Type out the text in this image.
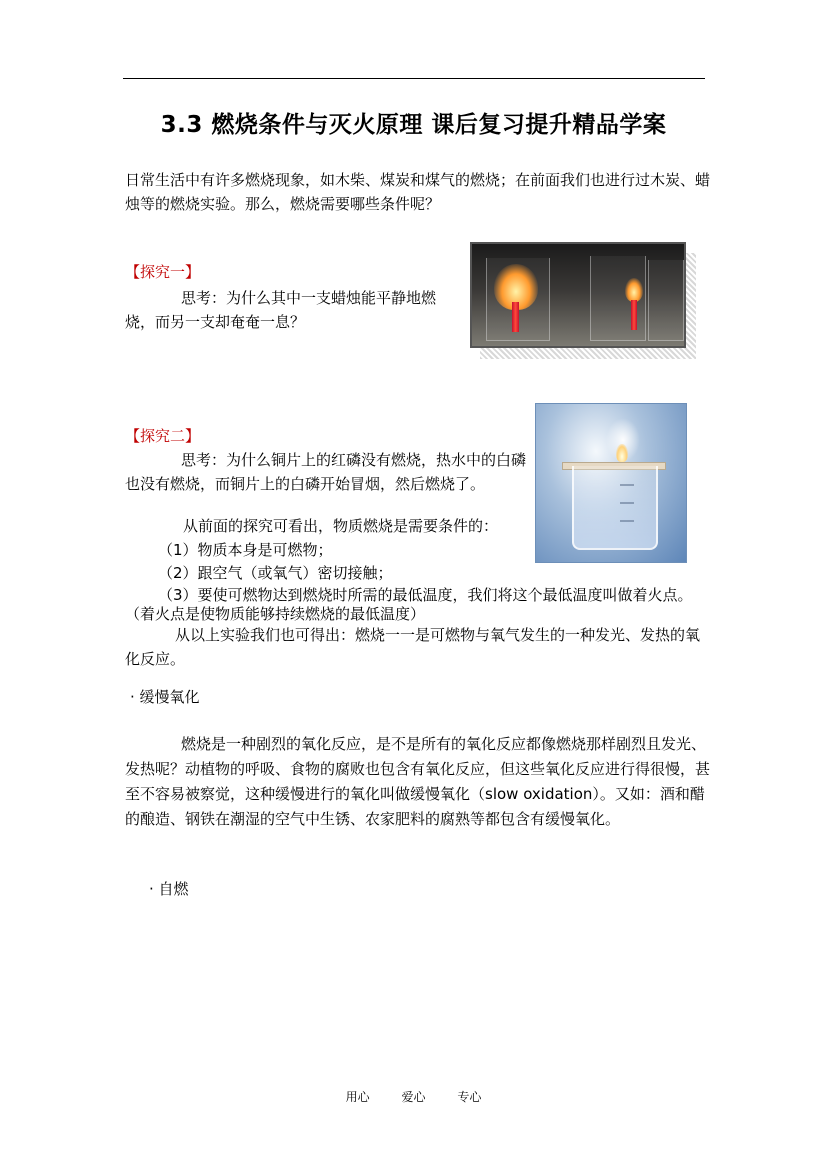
3.3 燃烧条件与灭火原理 课后复习提升精品学案
日常生活中有许多燃烧现象，如木柴、煤炭和煤气的燃烧；在前面我们也进行过木炭、蜡烛等的燃烧实验。那么，燃烧需要哪些条件呢？
【探究一】
思考：为什么其中一支蜡烛能平静地燃烧，而另一支却奄奄一息？
【探究二】
思考：为什么铜片上的红磷没有燃烧，热水中的白磷也没有燃烧，而铜片上的白磷开始冒烟，然后燃烧了。
从前面的探究可看出，物质燃烧是需要条件的：
（1）物质本身是可燃物；
（2）跟空气（或氧气）密切接触；
（3）要使可燃物达到燃烧时所需的最低温度，我们将这个最低温度叫做着火点。
（着火点是使物质能够持续燃烧的最低温度）
从以上实验我们也可得出：燃烧一一是可燃物与氧气发生的一种发光、发热的氧化反应。
· 缓慢氧化
燃烧是一种剧烈的氧化反应，是不是所有的氧化反应都像燃烧那样剧烈且发光、发热呢？动植物的呼吸、食物的腐败也包含有氧化反应，但这些氧化反应进行得很慢，甚至不容易被察觉，这种缓慢进行的氧化叫做缓慢氧化（slow oxidation）。又如：酒和醋的酿造、钢铁在潮湿的空气中生锈、农家肥料的腐熟等都包含有缓慢氧化。
· 自燃
用心	爱心	专心
